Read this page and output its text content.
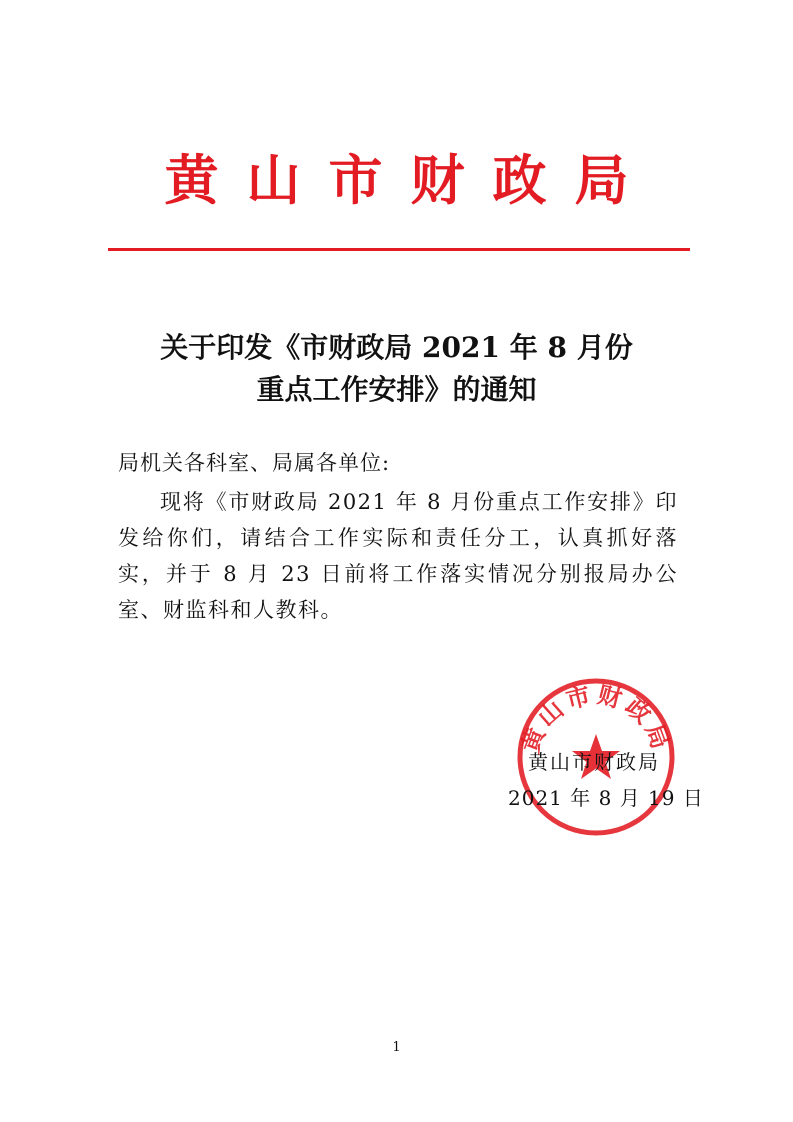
黄山市财政局
关于印发《市财政局 2021 年 8 月份
重点工作安排》的通知
局机关各科室、局属各单位:
现将《市财政局 2021 年 8 月份重点工作安排》印发给你们，请结合工作实际和责任分工，认真抓好落实，并于 8 月 23 日前将工作落实情况分别报局办公室、财监科和人教科。
黄山市财政局
黄山市财政局
2021 年 8 月 19 日
1
